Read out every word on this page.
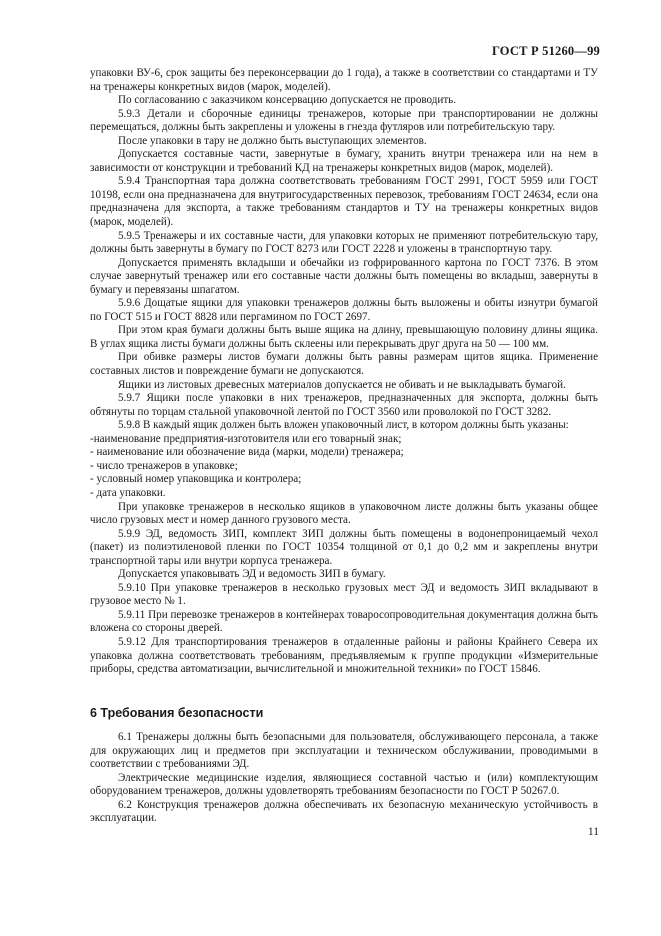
ГОСТ Р 51260—99

упаковки ВУ-6, срок защиты без переконсервации до 1 года), а также в соответствии со стандартами и ТУ на тренажеры конкретных видов (марок, моделей).

По согласованию с заказчиком консервацию допускается не проводить.

5.9.3 Детали и сборочные единицы тренажеров, которые при транспортировании не должны перемещаться, должны быть закреплены и уложены в гнезда футляров или потребительскую тару.

После упаковки в тару не должно быть выступающих элементов.

Допускается составные части, завернутые в бумагу, хранить внутри тренажера или на нем в зависимости от конструкции и требований КД на тренажеры конкретных видов (марок, моделей).

5.9.4 Транспортная тара должна соответствовать требованиям ГОСТ 2991, ГОСТ 5959 или ГОСТ 10198, если она предназначена для внутригосударственных перевозок, требованиям ГОСТ 24634, если она предназначена для экспорта, а также требованиям стандартов и ТУ на тренажеры конкретных видов (марок, моделей).

5.9.5 Тренажеры и их составные части, для упаковки которых не применяют потребительскую тару, должны быть завернуты в бумагу по ГОСТ 8273 или ГОСТ 2228 и уложены в транспортную тару.

Допускается применять вкладыши и обечайки из гофрированного картона по ГОСТ 7376. В этом случае завернутый тренажер или его составные части должны быть помещены во вкладыш, завернуты в бумагу и перевязаны шпагатом.

5.9.6 Дощатые ящики для упаковки тренажеров должны быть выложены и обиты изнутри бумагой по ГОСТ 515 и ГОСТ 8828 или пергамином по ГОСТ 2697.

При этом края бумаги должны быть выше ящика на длину, превышающую половину длины ящика. В углах ящика листы бумаги должны быть склеены или перекрывать друг друга на 50 — 100 мм.

При обивке размеры листов бумаги должны быть равны размерам щитов ящика. Применение составных листов и повреждение бумаги не допускаются.

Ящики из листовых древесных материалов допускается не обивать и не выкладывать бумагой.

5.9.7 Ящики после упаковки в них тренажеров, предназначенных для экспорта, должны быть обтянуты по торцам стальной упаковочной лентой по ГОСТ 3560 или проволокой по ГОСТ 3282.

5.9.8 В каждый ящик должен быть вложен упаковочный лист, в котором должны быть указаны:

-наименование предприятия-изготовителя или его товарный знак;

- наименование или обозначение вида (марки, модели) тренажера;

- число тренажеров в упаковке;

- условный номер упаковщика и контролера;

- дата упаковки.

При упаковке тренажеров в несколько ящиков в упаковочном листе должны быть указаны общее число грузовых мест и номер данного грузового места.

5.9.9 ЭД, ведомость ЗИП, комплект ЗИП должны быть помещены в водонепроницаемый чехол (пакет) из полиэтиленовой пленки по ГОСТ 10354 толщиной от 0,1 до 0,2 мм и закреплены внутри транспортной тары или внутри корпуса тренажера.

Допускается упаковывать ЭД и ведомость ЗИП в бумагу.

5.9.10 При упаковке тренажеров в несколько грузовых мест ЭД и ведомость ЗИП вкладывают в грузовое место № 1.

5.9.11 При перевозке тренажеров в контейнерах товаросопроводительная документация должна быть вложена со стороны дверей.

5.9.12 Для транспортирования тренажеров в отдаленные районы и районы Крайнего Севера их упаковка должна соответствовать требованиям, предъявляемым к группе продукции «Измерительные приборы, средства автоматизации, вычислительной и множительной техники» по ГОСТ 15846.

6 Требования безопасности

6.1 Тренажеры должны быть безопасными для пользователя, обслуживающего персонала, а также для окружающих лиц и предметов при эксплуатации и техническом обслуживании, проводимыми в соответствии с требованиями ЭД.

Электрические медицинские изделия, являющиеся составной частью и (или) комплектующим оборудованием тренажеров, должны удовлетворять требованиям безопасности по ГОСТ Р 50267.0.

6.2 Конструкция тренажеров должна обеспечивать их безопасную механическую устойчивость в эксплуатации.

11
